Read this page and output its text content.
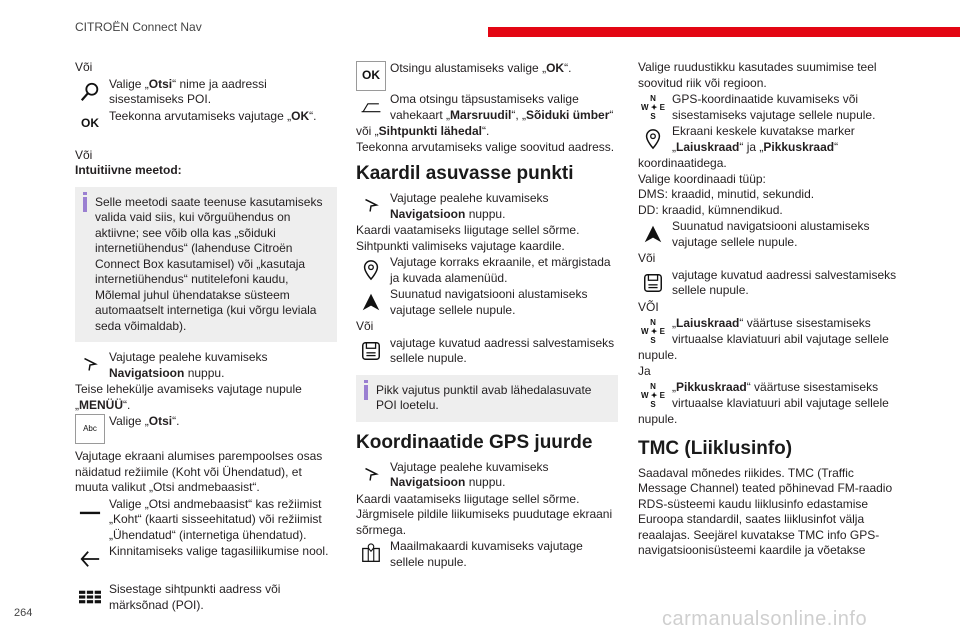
CITROËN Connect Nav

Või

Valige „Otsi“ nime ja aadressi sisestamiseks POI.

OK

Teekonna arvutamiseks vajutage „OK“.

Või

Intuitiivne meetod:

Selle meetodi saate teenuse kasutamiseks valida vaid siis, kui võrguühendus on aktiivne; see võib olla kas „sõiduki internetiühendus“ (lahenduse Citroën Connect Box kasutamisel) või „kasutaja internetiühendus“ nutitelefoni kaudu, Mõlemal juhul ühendatakse süsteem automaatselt internetiga (kui võrgu leviala seda võimaldab).

Vajutage pealehe kuvamiseks Navigatsioon nuppu.

Teise lehekülje avamiseks vajutage nupule „MENÜÜ“.

Abc

Valige „Otsi“.

Vajutage ekraani alumises parempoolses osas näidatud režiimile (Koht või Ühendatud), et muuta valikut „Otsi andmebaasist“.

Valige „Otsi andmebaasist“ kas režiimist „Koht“ (kaarti sisseehitatud) või režiimist „Ühendatud“ (internetiga ühendatud).

Kinnitamiseks valige tagasiliikumise nool.

Sisestage sihtpunkti aadress või märksõnad (POI).

OK

Otsingu alustamiseks valige „OK“.

Oma otsingu täpsustamiseks valige vahekaart „Marsruudil“, „Sõiduki ümber“

või „Sihtpunkti lähedal“.

Teekonna arvutamiseks valige soovitud aadress.

Kaardil asuvasse punkti

Vajutage pealehe kuvamiseks Navigatsioon nuppu.

Kaardi vaatamiseks liigutage sellel sõrme.

Sihtpunkti valimiseks vajutage kaardile.

Vajutage korraks ekraanile, et märgistada ja kuvada alamenüüd.

Suunatud navigatsiooni alustamiseks vajutage sellele nupule.

Või

vajutage kuvatud aadressi salvestamiseks sellele nupule.

Pikk vajutus punktil avab lähedalasuvate POI loetelu.

Koordinaatide GPS juurde

Vajutage pealehe kuvamiseks Navigatsioon nuppu.

Kaardi vaatamiseks liigutage sellel sõrme.

Järgmisele pildile liikumiseks puudutage ekraani sõrmega.

Maailmakaardi kuvamiseks vajutage sellele nupule.

Valige ruudustikku kasutades suumimise teel soovitud riik või regioon.

N
W ✦ E
S

GPS-koordinaatide kuvamiseks või sisestamiseks vajutage sellele nupule.

Ekraani keskele kuvatakse marker „Laiuskraad“ ja „Pikkuskraad“

koordinaatidega.

Valige koordinaadi tüüp:

DMS: kraadid, minutid, sekundid.

DD: kraadid, kümnendikud.

Suunatud navigatsiooni alustamiseks vajutage sellele nupule.

Või

vajutage kuvatud aadressi salvestamiseks sellele nupule.

VÕI

N
W ✦ E
S

„Laiuskraad“ väärtuse sisestamiseks virtuaalse klaviatuuri abil vajutage sellele

nupule.

Ja

N
W ✦ E
S

„Pikkuskraad“ väärtuse sisestamiseks virtuaalse klaviatuuri abil vajutage sellele

nupule.

TMC (Liiklusinfo)

Saadaval mõnedes riikides. TMC (Traffic Message Channel) teated põhinevad FM-raadio RDS-süsteemi kaudu liiklusinfo edastamise Euroopa standardil, saates liiklusinfot välja reaalajas. Seejärel kuvatakse TMC info GPS-navigatsioonisüsteemi kaardile ja võetakse

264	carmanualsonline.info
